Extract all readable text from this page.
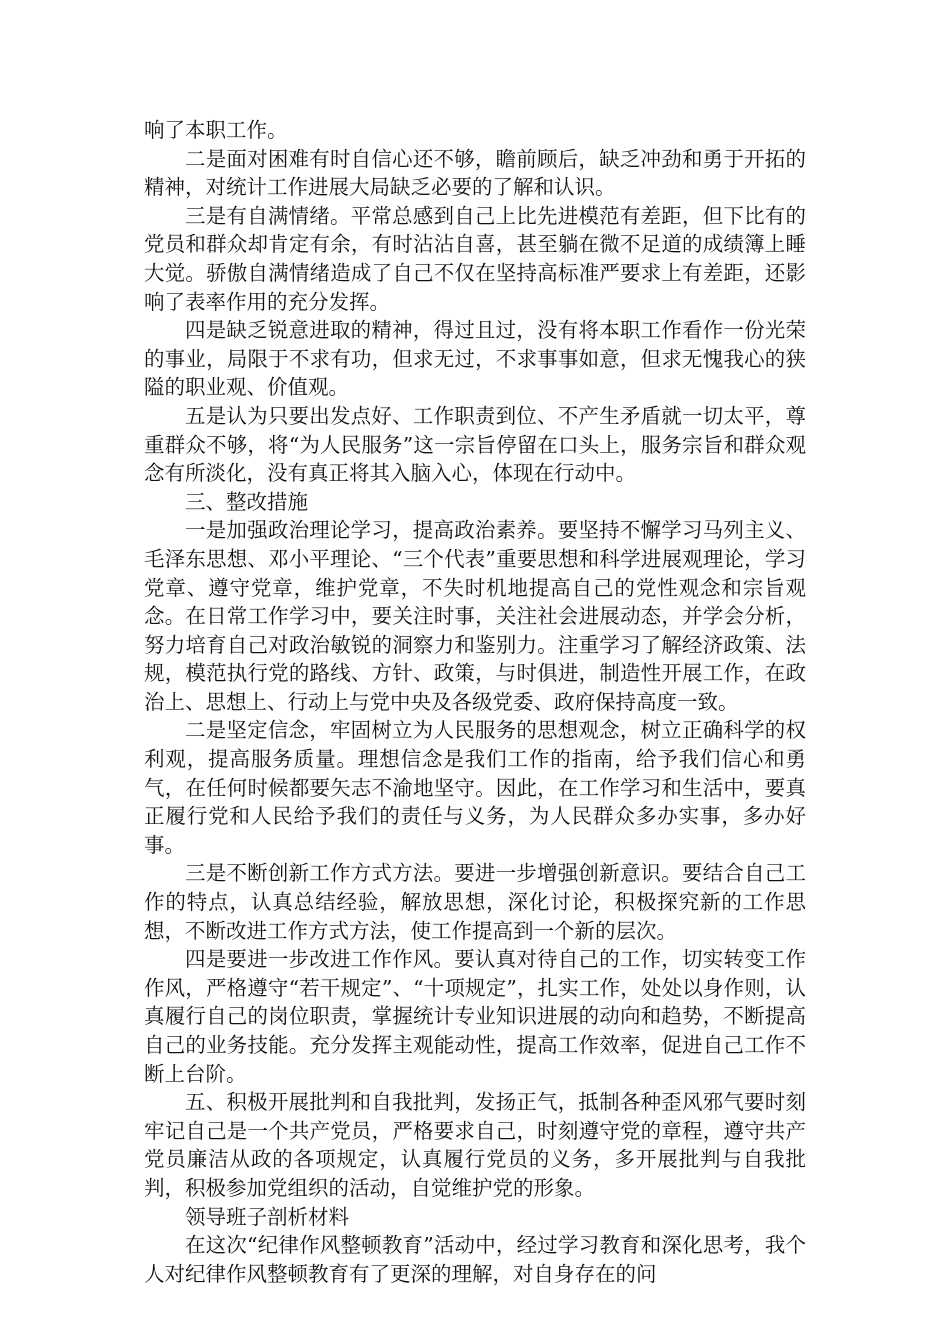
响了本职工作。

二是面对困难有时自信心还不够，瞻前顾后，缺乏冲劲和勇于开拓的精神，对统计工作进展大局缺乏必要的了解和认识。

三是有自满情绪。平常总感到自己上比先进模范有差距，但下比有的党员和群众却肯定有余，有时沾沾自喜，甚至躺在微不足道的成绩簿上睡大觉。骄傲自满情绪造成了自己不仅在坚持高标准严要求上有差距，还影响了表率作用的充分发挥。

四是缺乏锐意进取的精神，得过且过，没有将本职工作看作一份光荣的事业，局限于不求有功，但求无过，不求事事如意，但求无愧我心的狭隘的职业观、价值观。

五是认为只要出发点好、工作职责到位、不产生矛盾就一切太平，尊重群众不够，将“为人民服务”这一宗旨停留在口头上，服务宗旨和群众观念有所淡化，没有真正将其入脑入心，体现在行动中。

三、整改措施

一是加强政治理论学习，提高政治素养。要坚持不懈学习马列主义、毛泽东思想、邓小平理论、“三个代表”重要思想和科学进展观理论，学习党章、遵守党章，维护党章，不失时机地提高自己的党性观念和宗旨观念。在日常工作学习中，要关注时事，关注社会进展动态，并学会分析，努力培育自己对政治敏锐的洞察力和鉴别力。注重学习了解经济政策、法规，模范执行党的路线、方针、政策，与时俱进，制造性开展工作，在政治上、思想上、行动上与党中央及各级党委、政府保持高度一致。

二是坚定信念，牢固树立为人民服务的思想观念，树立正确科学的权利观，提高服务质量。理想信念是我们工作的指南，给予我们信心和勇气，在任何时候都要矢志不渝地坚守。因此，在工作学习和生活中，要真正履行党和人民给予我们的责任与义务，为人民群众多办实事，多办好事。

三是不断创新工作方式方法。要进一步增强创新意识。要结合自己工作的特点，认真总结经验，解放思想，深化讨论，积极探究新的工作思想，不断改进工作方式方法，使工作提高到一个新的层次。

四是要进一步改进工作作风。要认真对待自己的工作，切实转变工作作风，严格遵守“若干规定”、“十项规定”，扎实工作，处处以身作则，认真履行自己的岗位职责，掌握统计专业知识进展的动向和趋势，不断提高自己的业务技能。充分发挥主观能动性，提高工作效率，促进自己工作不断上台阶。

五、积极开展批判和自我批判，发扬正气，抵制各种歪风邪气要时刻牢记自己是一个共产党员，严格要求自己，时刻遵守党的章程，遵守共产党员廉洁从政的各项规定，认真履行党员的义务，多开展批判与自我批判，积极参加党组织的活动，自觉维护党的形象。

领导班子剖析材料

在这次“纪律作风整顿教育”活动中，经过学习教育和深化思考，我个人对纪律作风整顿教育有了更深的理解，对自身存在的问
